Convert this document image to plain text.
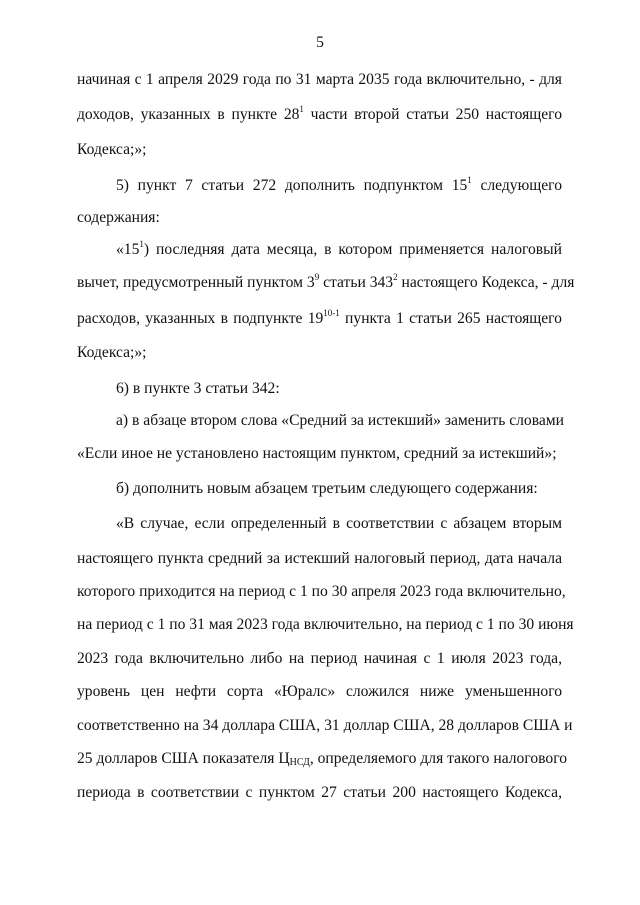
5
начиная с 1 апреля 2029 года по 31 марта 2035 года включительно, - для
доходов, указанных в пункте $28^1$ части второй статьи 250 настоящего
Кодекса;»;
5) пункт 7 статьи 272 дополнить подпунктом $15^1$ следующего
содержания:
«$15^1$) последняя дата месяца, в котором применяется налоговый
вычет, предусмотренный пунктом $3^9$ статьи $343^2$ настоящего Кодекса, - для
расходов, указанных в подпункте 19$^{10-1}$ пункта 1 статьи 265 настоящего
Кодекса;»;
6) в пункте 3 статьи 342:
а) в абзаце втором слова «Средний за истекший» заменить словами
«Если иное не установлено настоящим пунктом, средний за истекший»;
б) дополнить новым абзацем третьим следующего содержания:
«В случае, если определенный в соответствии с абзацем вторым
настоящего пункта средний за истекший налоговый период, дата начала
которого приходится на период с 1 по 30 апреля 2023 года включительно,
на период с 1 по 31 мая 2023 года включительно, на период с 1 по 30 июня
2023 года включительно либо на период начиная с 1 июля 2023 года,
уровень цен нефти сорта «Юралс» сложился ниже уменьшенного
соответственно на 34 доллара США, 31 доллар США, 28 долларов США и
25 долларов США показателя $Ц_{НСД}$, определяемого для такого налогового
периода в соответствии с пунктом 27 статьи 200 настоящего Кодекса,
